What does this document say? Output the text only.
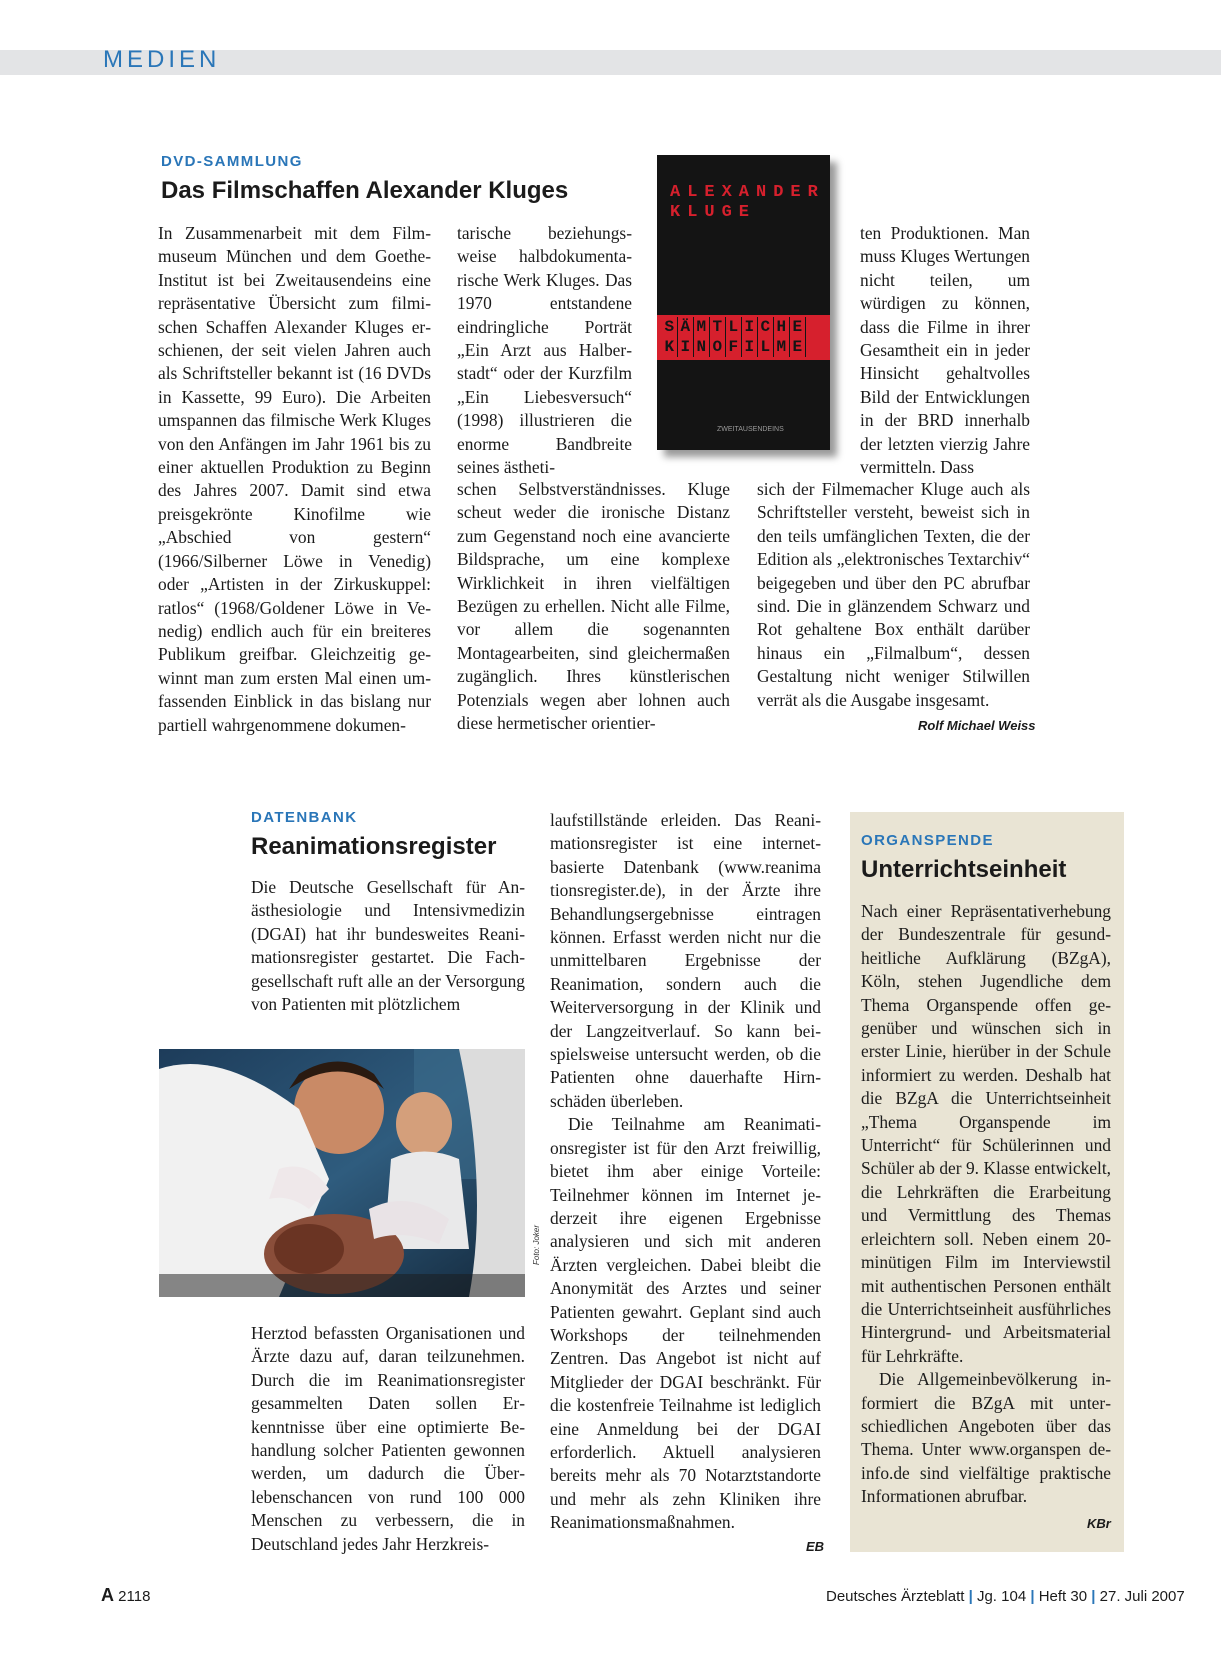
MEDIEN
DVD-SAMMLUNG
Das Filmschaffen Alexander Kluges

In Zusammenarbeit mit dem Filmmuseum München und dem Goethe-Institut ist bei Zweitausendeins eine repräsentative Übersicht zum filmischen Schaffen Alexander Kluges erschienen, der seit vielen Jahren auch als Schriftsteller bekannt ist (16 DVDs in Kassette, 99 Euro). Die Arbeiten umspannen das filmische Werk Kluges von den Anfängen im Jahr 1961 bis zu einer aktuellen Produktion zu Beginn des Jahres 2007. Damit sind etwa preisgekrönte Kinofilme wie „Abschied von gestern“ (1966/Silberner Löwe in Venedig) oder „Artisten in der Zirkuskuppel: ratlos“ (1968/Goldener Löwe in Venedig) endlich auch für ein breiteres Publikum greifbar. Gleichzeitig gewinnt man zum ersten Mal einen umfassenden Einblick in das bislang nur partiell wahrgenommene dokumen-

tarische beziehungsweise halbdokumentarische Werk Kluges. Das 1970 entstandene eindringliche Porträt „Ein Arzt aus Halberstadt“ oder der Kurzfilm „Ein Liebesversuch“ (1998) illustrieren die enorme Bandbreite seines ästheti-

schen Selbstverständnisses. Kluge scheut weder die ironische Distanz zum Gegenstand noch eine avancierte Bildsprache, um eine komplexe Wirklichkeit in ihren vielfältigen Bezügen zu erhellen. Nicht alle Filme, vor allem die sogenannten Montagearbeiten, sind gleichermaßen zugänglich. Ihres künstlerischen Potenzials wegen aber lohnen auch diese hermetischer orientier-

ten Produktionen. Man muss Kluges Wertungen nicht teilen, um würdigen zu können, dass die Filme in ihrer Gesamtheit ein in jeder Hinsicht gehaltvolles Bild der Entwicklungen in der BRD innerhalb der letzten vierzig Jahre vermitteln. Dass

sich der Filmemacher Kluge auch als Schriftsteller versteht, beweist sich in den teils umfänglichen Texten, die der Edition als „elektronisches Textarchiv“ beigegeben und über den PC abrufbar sind. Die in glänzendem Schwarz und Rot gehaltene Box enthält darüber hinaus ein „Filmalbum“, dessen Gestaltung nicht weniger Stilwillen verrät als die Ausgabe insgesamt.

Rolf Michael Weiss
ALEXANDER KLUGE
S Ä M T L I C H E
K I N O F I L M E
ZWEITAUSENDEINS
DATENBANK
Reanimationsregister

Die Deutsche Gesellschaft für Anästhesiologie und Intensivmedizin (DGAI) hat ihr bundesweites Reanimationsregister gestartet. Die Fachgesellschaft ruft alle an der Versorgung von Patienten mit plötzlichem

Foto: Joker

Herztod befassten Organisationen und Ärzte dazu auf, daran teilzunehmen. Durch die im Reanimationsregister gesammelten Daten sollen Erkenntnisse über eine optimierte Behandlung solcher Patienten gewonnen werden, um dadurch die Überlebenschancen von rund 100 000 Menschen zu verbessern, die in Deutschland jedes Jahr Herzkreis-

laufstillstände erleiden. Das Reanimationsregister ist eine internetbasierte Datenbank (www.reanima tionsregister.de), in der Ärzte ihre Behandlungsergebnisse eintragen können. Erfasst werden nicht nur die unmittelbaren Ergebnisse der Reanimation, sondern auch die Weiterversorgung in der Klinik und der Langzeitverlauf. So kann beispielsweise untersucht werden, ob die Patienten ohne dauerhafte Hirnschäden überleben.

Die Teilnahme am Reanimationsregister ist für den Arzt freiwillig, bietet ihm aber einige Vorteile: Teilnehmer können im Internet jederzeit ihre eigenen Ergebnisse analysieren und sich mit anderen Ärzten vergleichen. Dabei bleibt die Anonymität des Arztes und seiner Patienten gewahrt. Geplant sind auch Workshops der teilnehmenden Zentren. Das Angebot ist nicht auf Mitglieder der DGAI beschränkt. Für die kostenfreie Teilnahme ist lediglich eine Anmeldung bei der DGAI erforderlich. Aktuell analysieren bereits mehr als 70 Notarztstandorte und mehr als zehn Kliniken ihre Reanimationsmaßnahmen.

EB
ORGANSPENDE
Unterrichtseinheit

Nach einer Repräsentativerhebung der Bundeszentrale für gesundheitliche Aufklärung (BZgA), Köln, stehen Jugendliche dem Thema Organspende offen gegenüber und wünschen sich in erster Linie, hierüber in der Schule informiert zu werden. Deshalb hat die BZgA die Unterrichtseinheit „Thema Organspende im Unterricht“ für Schülerinnen und Schüler ab der 9. Klasse entwickelt, die Lehrkräften die Erarbeitung und Vermittlung des Themas erleichtern soll. Neben einem 20-minütigen Film im Interviewstil mit authentischen Personen enthält die Unterrichtseinheit ausführliches Hintergrund- und Arbeitsmaterial für Lehrkräfte.

Die Allgemeinbevölkerung informiert die BZgA mit unterschiedlichen Angeboten über das Thema. Unter www.organspen de-info.de sind vielfältige praktische Informationen abrufbar.

KBr
A 2118	Deutsches Ärzteblatt | Jg. 104 | Heft 30 | 27. Juli 2007
